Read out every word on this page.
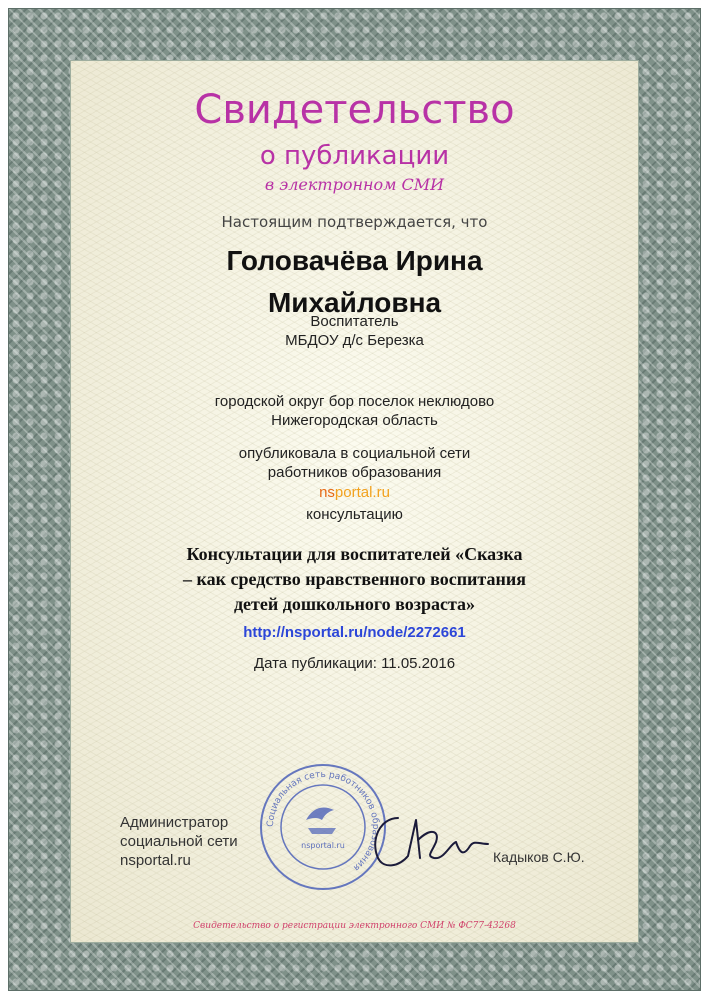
Свидетельство
о публикации
в электронном СМИ
Настоящим подтверждается, что
Головачёва Ирина
Михайловна
Воспитатель
МБДОУ д/с Березка
городской округ бор поселок неклюдово
Нижегородская область
опубликовала в социальной сети
работников образования
nsportal.ru
консультацию
Консультации для воспитателей «Сказка
– как средство нравственного воспитания
детей дошкольного возраста»
http://nsportal.ru/node/2272661
Дата публикации: 11.05.2016
Администратор
социальной сети
nsportal.ru
Социальная сеть работников образования
nsportal.ru
Кадыков С.Ю.
Свидетельство о регистрации электронного СМИ № ФС77-43268
